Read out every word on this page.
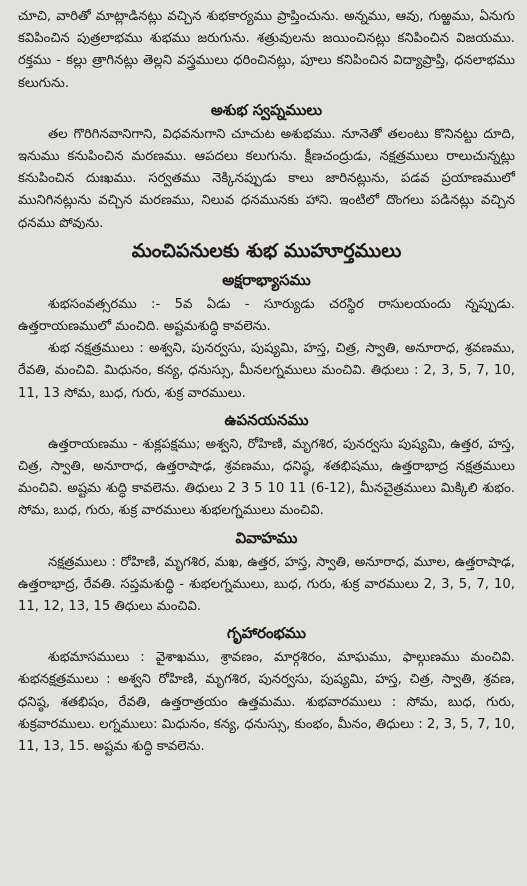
చూచి, వారితో మాట్లాడినట్లు వచ్చిన శుభకార్యము ప్రాప్తించును. అన్నము, ఆవు, గుఱ్ఱము, ఏనుగు కవిపించిన పుత్రలాభము శుభము జరుగును. శత్రువులను జయించినట్లు కనిపించిన విజయము. రక్తము - కల్లు త్రాగినట్లు తెల్లని వస్త్రములు ధరించినట్లు, పూలు కనిపించిన విద్యాప్రాప్తి, ధనలాభము కలుగును.

అశుభ స్వప్నములు

తల గొరిగినవానిగాని, విధవనుగాని చూచుట అశుభము. నూనెతో తలంటు కొనినట్టు దూది, ఇనుము కనుపించిన మరణము. ఆపదలు కలుగును. క్షీణచంద్రుడు, నక్షత్రములు రాలుచున్నట్లు కనుపించిన దుఃఖము. సర్వతము నెక్కినప్పుడు కాలు జారినట్లును, పడవ ప్రయాణములో మునిగినట్లును వచ్చిన మరణము, నిలువ ధనమునకు హాని. ఇంటిలో దొంగలు పడినట్లు వచ్చిన ధనము పోవును.

మంచిపనులకు శుభ ముహూర్తములు
అక్షరాభ్యాసము

శుభసంవత్సరము :- 5వ ఏడు - సూర్యుడు చరస్థిర రాసులయందు న్నప్పుడు. ఉత్తరాయణములో మంచిది. అష్టమశుద్ధి కావలెను.

శుభ నక్షత్రములు : అశ్వని, పునర్వసు, పుష్యమి, హస్త, చిత్ర, స్వాతి, అనూరాధ, శ్రవణము, రేవతి, మంచివి. మిధునం, కన్య, ధనుస్సు, మీనలగ్నములు మంచివి. తిధులు : 2, 3, 5, 7, 10, 11, 13 సోమ, బుధ, గురు, శుక్ర వారములు.

ఉపనయనము

ఉత్తరాయణము - శుక్లపక్షము; అశ్వని, రోహిణి, మృగశిర, పునర్వసు పుష్యమి, ఉత్తర, హస్త, చిత్ర, స్వాతి, అనూరాధ, ఉత్తరాషాఢ, శ్రవణము, ధనిష్ఠ, శతభిషము, ఉత్తరాభాద్ర నక్షత్రములు మంచివి. అష్టమ శుద్ధి కావలెను. తిధులు 2 3 5 10 11 (6-12), మీనచైత్రములు మిక్కిలి శుభం. సోమ, బుధ, గురు, శుక్ర వారములు శుభలగ్నములు మంచివి.

వివాహము

నక్షత్రములు : రోహిణి, మృగశిర, మఖ, ఉత్తర, హస్త, స్వాతి, అనూరాధ, మూల, ఉత్తరాషాఢ, ఉత్తరాభాద్ర, రేవతి. సప్తమశుద్ధి - శుభలగ్నములు, బుధ, గురు, శుక్ర వారములు 2, 3, 5, 7, 10, 11, 12, 13, 15 తిధులు మంచివి.

గృహారంభము

శుభమాసములు : వైశాఖము, శ్రావణం, మార్గశిరం, మాఘము, ఫాల్గుణము మంచివి. శుభనక్షత్రములు : అశ్వని రోహిణి, మృగశిర, పునర్వసు, పుష్యమి, హస్త, చిత్ర, స్వాతి, శ్రవణ, ధనిష్ఠ, శతభిషం, రేవతి, ఉత్తరాత్రయం ఉత్తమము. శుభవారములు : సోమ, బుధ, గురు, శుక్రవారములు. లగ్నములు: మిధునం, కన్య, ధనుస్సు, కుంభం, మీనం, తిధులు : 2, 3, 5, 7, 10, 11, 13, 15. అష్టమ శుద్ధి కావలెను.
